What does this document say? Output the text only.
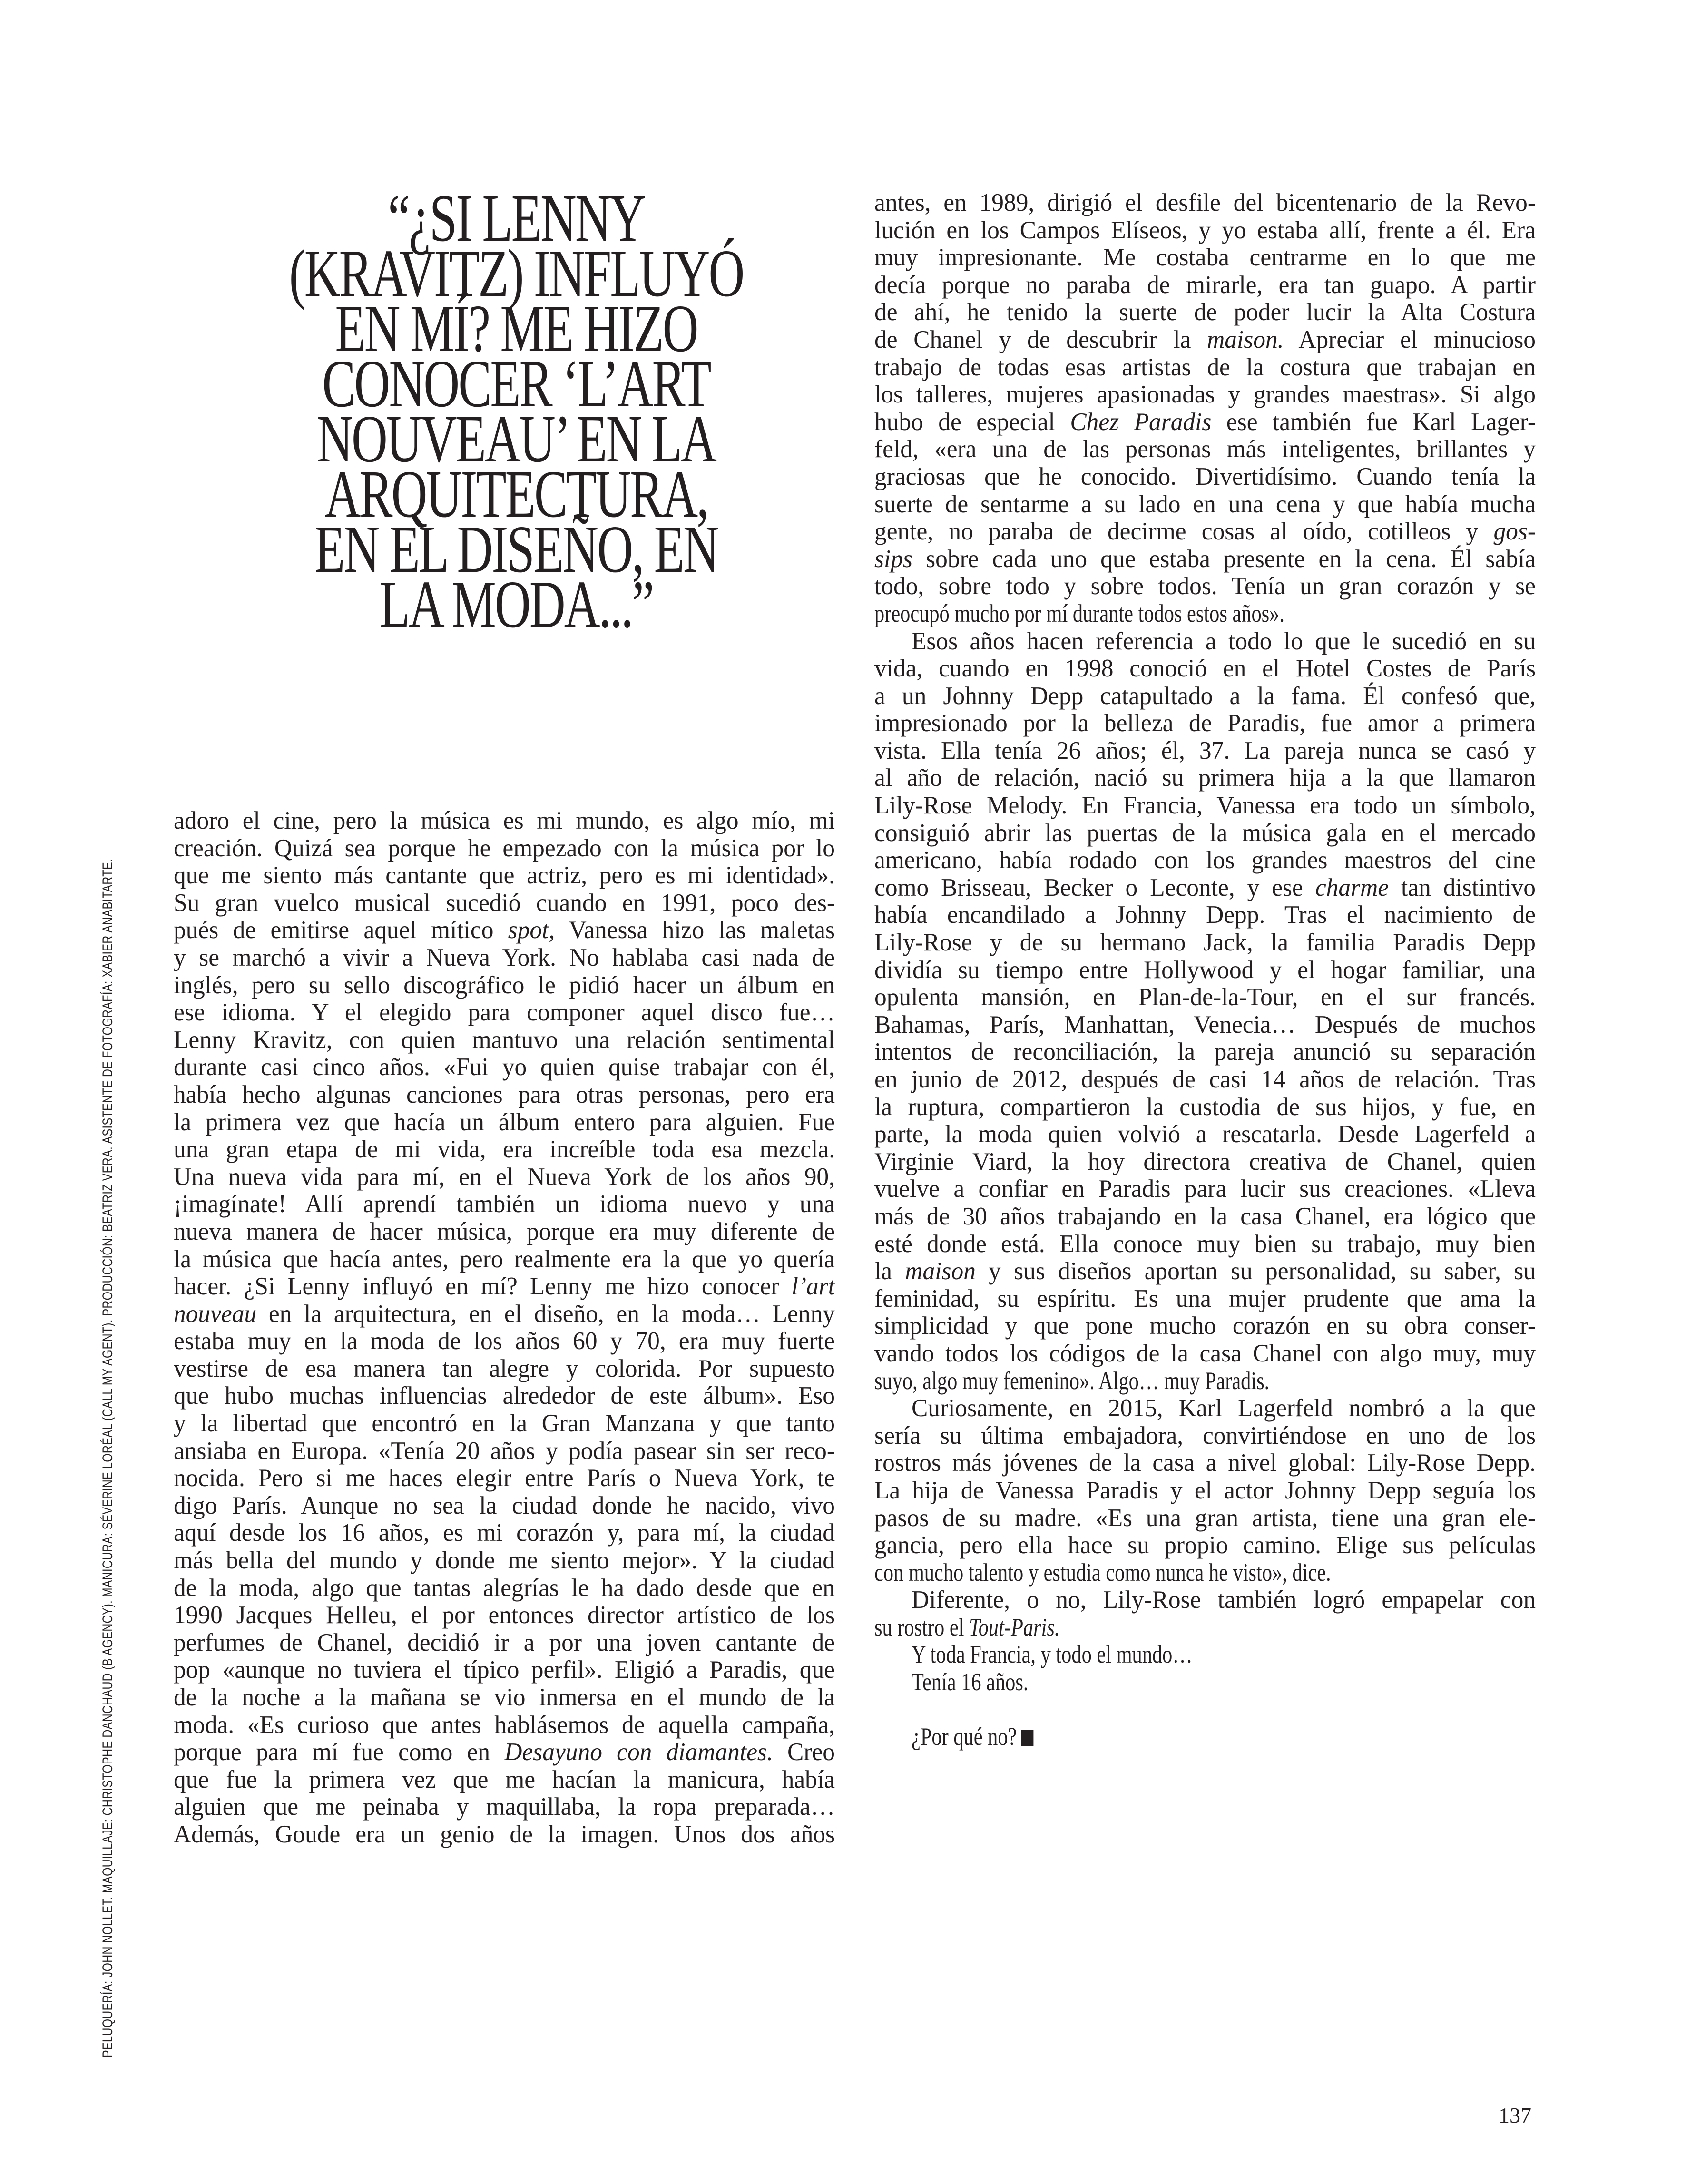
PELUQUERÍA: JOHN NOLLET. MAQUILLAJE: CHRISTOPHE DANCHAUD (B AGENCY). MANICURA: SÉVERINE LORÉAL (CALL MY AGENT). PRODUCCIÓN: BEATRIZ VERA. ASISTENTE DE FOTOGRAFÍA: XABIER ANABITARTE.
“¿SI LENNY
(KRAVITZ) INFLUYÓ
EN MÍ? ME HIZO
CONOCER ‘L’ART
NOUVEAU’ EN LA
ARQUITECTURA,
EN EL DISEÑO, EN
LA MODA...”
adoro el cine, pero la música es mi mundo, es algo mío, mi
creación. Quizá sea porque he empezado con la música por lo
que me siento más cantante que actriz, pero es mi identidad».
Su gran vuelco musical sucedió cuando en 1991, poco des-
pués de emitirse aquel mítico spot, Vanessa hizo las maletas
y se marchó a vivir a Nueva York. No hablaba casi nada de
inglés, pero su sello discográfico le pidió hacer un álbum en
ese idioma. Y el elegido para componer aquel disco fue…
Lenny Kravitz, con quien mantuvo una relación sentimental
durante casi cinco años. «Fui yo quien quise trabajar con él,
había hecho algunas canciones para otras personas, pero era
la primera vez que hacía un álbum entero para alguien. Fue
una gran etapa de mi vida, era increíble toda esa mezcla.
Una nueva vida para mí, en el Nueva York de los años 90,
¡imagínate! Allí aprendí también un idioma nuevo y una
nueva manera de hacer música, porque era muy diferente de
la música que hacía antes, pero realmente era la que yo quería
hacer. ¿Si Lenny influyó en mí? Lenny me hizo conocer l’art
nouveau en la arquitectura, en el diseño, en la moda… Lenny
estaba muy en la moda de los años 60 y 70, era muy fuerte
vestirse de esa manera tan alegre y colorida. Por supuesto
que hubo muchas influencias alrededor de este álbum». Eso
y la libertad que encontró en la Gran Manzana y que tanto
ansiaba en Europa. «Tenía 20 años y podía pasear sin ser reco-
nocida. Pero si me haces elegir entre París o Nueva York, te
digo París. Aunque no sea la ciudad donde he nacido, vivo
aquí desde los 16 años, es mi corazón y, para mí, la ciudad
más bella del mundo y donde me siento mejor». Y la ciudad
de la moda, algo que tantas alegrías le ha dado desde que en
1990 Jacques Helleu, el por entonces director artístico de los
perfumes de Chanel, decidió ir a por una joven cantante de
pop «aunque no tuviera el típico perfil». Eligió a Paradis, que
de la noche a la mañana se vio inmersa en el mundo de la
moda. «Es curioso que antes hablásemos de aquella campaña,
porque para mí fue como en Desayuno con diamantes. Creo
que fue la primera vez que me hacían la manicura, había
alguien que me peinaba y maquillaba, la ropa preparada…
Además, Goude era un genio de la imagen. Unos dos años
antes, en 1989, dirigió el desfile del bicentenario de la Revo-
lución en los Campos Elíseos, y yo estaba allí, frente a él. Era
muy impresionante. Me costaba centrarme en lo que me
decía porque no paraba de mirarle, era tan guapo. A partir
de ahí, he tenido la suerte de poder lucir la Alta Costura
de Chanel y de descubrir la maison. Apreciar el minucioso
trabajo de todas esas artistas de la costura que trabajan en
los talleres, mujeres apasionadas y grandes maestras». Si algo
hubo de especial Chez Paradis ese también fue Karl Lager-
feld, «era una de las personas más inteligentes, brillantes y
graciosas que he conocido. Divertidísimo. Cuando tenía la
suerte de sentarme a su lado en una cena y que había mucha
gente, no paraba de decirme cosas al oído, cotilleos y gos-
sips sobre cada uno que estaba presente en la cena. Él sabía
todo, sobre todo y sobre todos. Tenía un gran corazón y se
preocupó mucho por mí durante todos estos años».
Esos años hacen referencia a todo lo que le sucedió en su
vida, cuando en 1998 conoció en el Hotel Costes de París
a un Johnny Depp catapultado a la fama. Él confesó que,
impresionado por la belleza de Paradis, fue amor a primera
vista. Ella tenía 26 años; él, 37. La pareja nunca se casó y
al año de relación, nació su primera hija a la que llamaron
Lily-Rose Melody. En Francia, Vanessa era todo un símbolo,
consiguió abrir las puertas de la música gala en el mercado
americano, había rodado con los grandes maestros del cine
como Brisseau, Becker o Leconte, y ese charme tan distintivo
había encandilado a Johnny Depp. Tras el nacimiento de
Lily-Rose y de su hermano Jack, la familia Paradis Depp
dividía su tiempo entre Hollywood y el hogar familiar, una
opulenta mansión, en Plan-de-la-Tour, en el sur francés.
Bahamas, París, Manhattan, Venecia… Después de muchos
intentos de reconciliación, la pareja anunció su separación
en junio de 2012, después de casi 14 años de relación. Tras
la ruptura, compartieron la custodia de sus hijos, y fue, en
parte, la moda quien volvió a rescatarla. Desde Lagerfeld a
Virginie Viard, la hoy directora creativa de Chanel, quien
vuelve a confiar en Paradis para lucir sus creaciones. «Lleva
más de 30 años trabajando en la casa Chanel, era lógico que
esté donde está. Ella conoce muy bien su trabajo, muy bien
la maison y sus diseños aportan su personalidad, su saber, su
feminidad, su espíritu. Es una mujer prudente que ama la
simplicidad y que pone mucho corazón en su obra conser-
vando todos los códigos de la casa Chanel con algo muy, muy
suyo, algo muy femenino». Algo… muy Paradis.
Curiosamente, en 2015, Karl Lagerfeld nombró a la que
sería su última embajadora, convirtiéndose en uno de los
rostros más jóvenes de la casa a nivel global: Lily-Rose Depp.
La hija de Vanessa Paradis y el actor Johnny Depp seguía los
pasos de su madre. «Es una gran artista, tiene una gran ele-
gancia, pero ella hace su propio camino. Elige sus películas
con mucho talento y estudia como nunca he visto», dice.
Diferente, o no, Lily-Rose también logró empapelar con
su rostro el Tout-Paris.
Y toda Francia, y todo el mundo…
Tenía 16 años.
¿Por qué no?
137
